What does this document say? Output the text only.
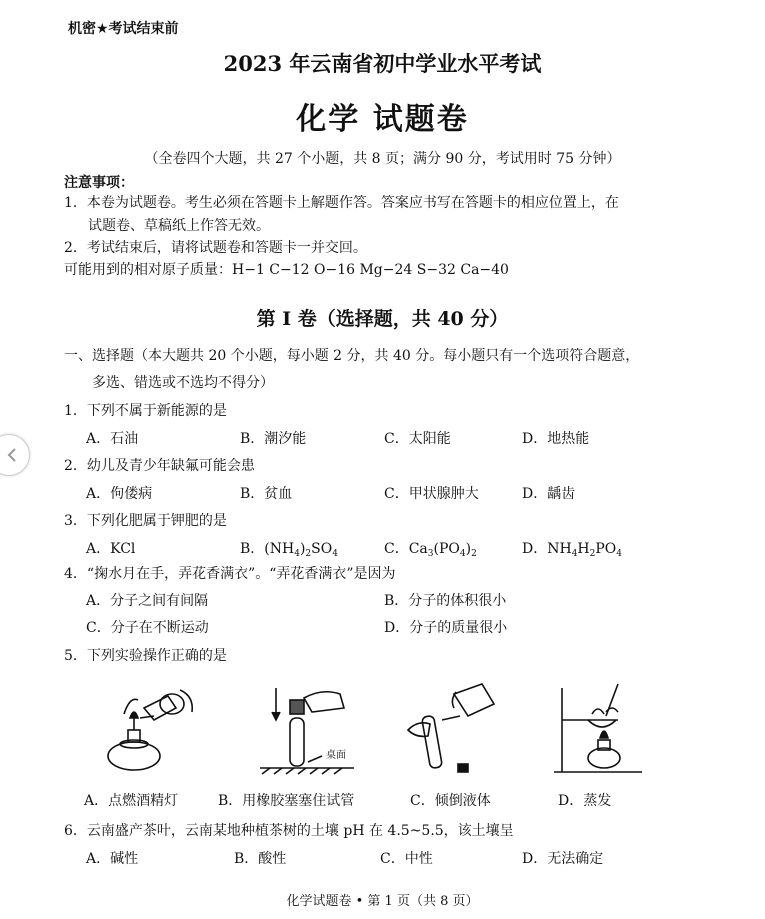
机密★考试结束前
2023 年云南省初中学业水平考试
化学 试题卷
（全卷四个大题，共 27 个小题，共 8 页；满分 90 分，考试用时 75 分钟）
注意事项：
1．本卷为试题卷。考生必须在答题卡上解题作答。答案应书写在答题卡的相应位置上，在
试题卷、草稿纸上作答无效。
2．考试结束后，请将试题卷和答题卡一并交回。
可能用到的相对原子质量：H−1 C−12 O−16 Mg−24 S−32 Ca−40
第 I 卷（选择题，共 40 分）
一、选择题（本大题共 20 个小题，每小题 2 分，共 40 分。每小题只有一个选项符合题意，
多选、错选或不选均不得分）
1．下列不属于新能源的是
A．石油	B．潮汐能	C．太阳能	D．地热能
2．幼儿及青少年缺氟可能会患
A．佝偻病	B．贫血	C．甲状腺肿大	D．龋齿
3．下列化肥属于钾肥的是
A．KCl	B．$(NH_4)_2SO_4$	C．$Ca_3(PO_4)_2$	D．$NH_4H_2PO_4$
4．“掬水月在手，弄花香满衣”。“弄花香满衣”是因为
A．分子之间有间隔	B．分子的体积很小
C．分子在不断运动	D．分子的质量很小
5．下列实验操作正确的是
桌面
A．点燃酒精灯	B．用橡胶塞塞住试管	C．倾倒液体	D．蒸发
6．云南盛产茶叶，云南某地种植茶树的土壤 pH 在 4.5~5.5，该土壤呈
A．碱性	B．酸性	C．中性	D．无法确定
化学试题卷 • 第 1 页（共 8 页）
